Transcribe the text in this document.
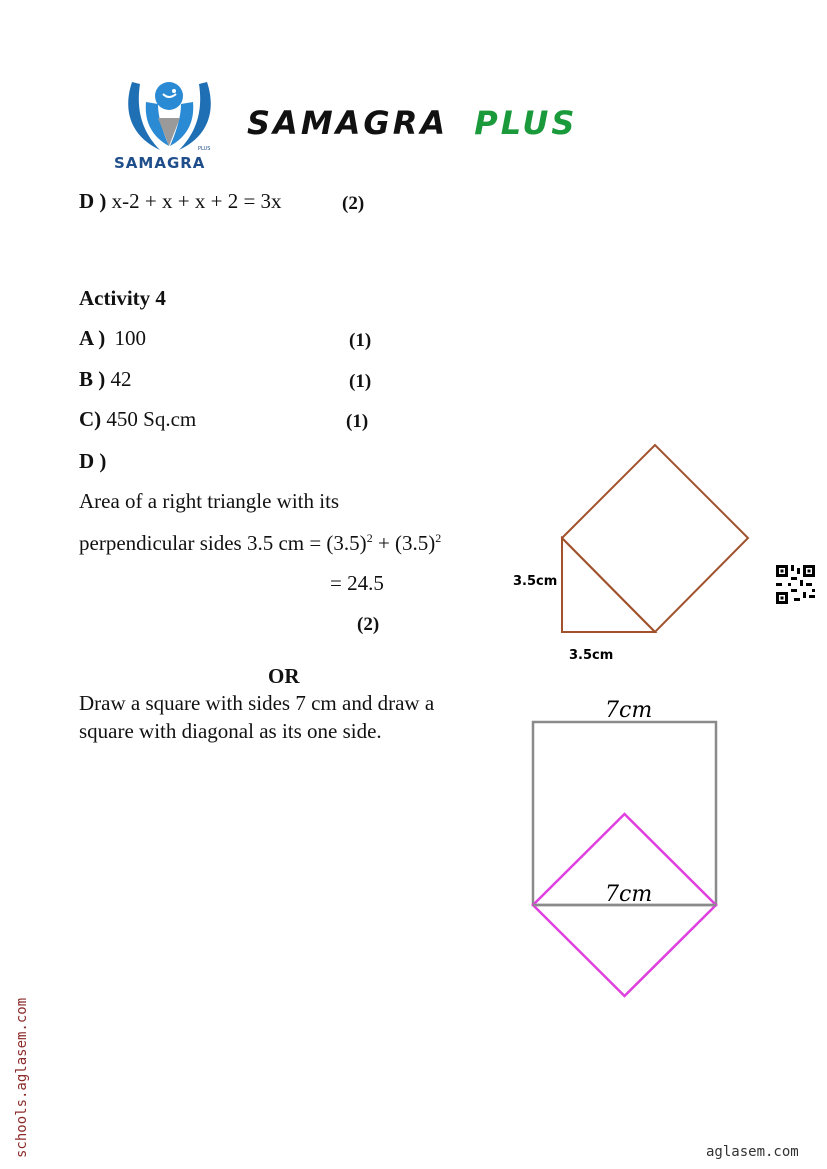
PLUS
SAMAGRA
SAMAGRA PLUS
D ) x-2 + x + x + 2 = 3x	(2)
Activity 4
A ) 100	(1)
B ) 42	(1)
C) 450 Sq.cm	(1)
D )
Area of a right triangle with its
perpendicular sides 3.5 cm = $(3.5)^2 + (3.5)^2$
= 24.5
(2)
OR
Draw a square with sides 7 cm and draw a
square with diagonal as its one side.
3.5cm
3.5cm
7cm
7cm
schools.aglasem.com	aglasem.com
